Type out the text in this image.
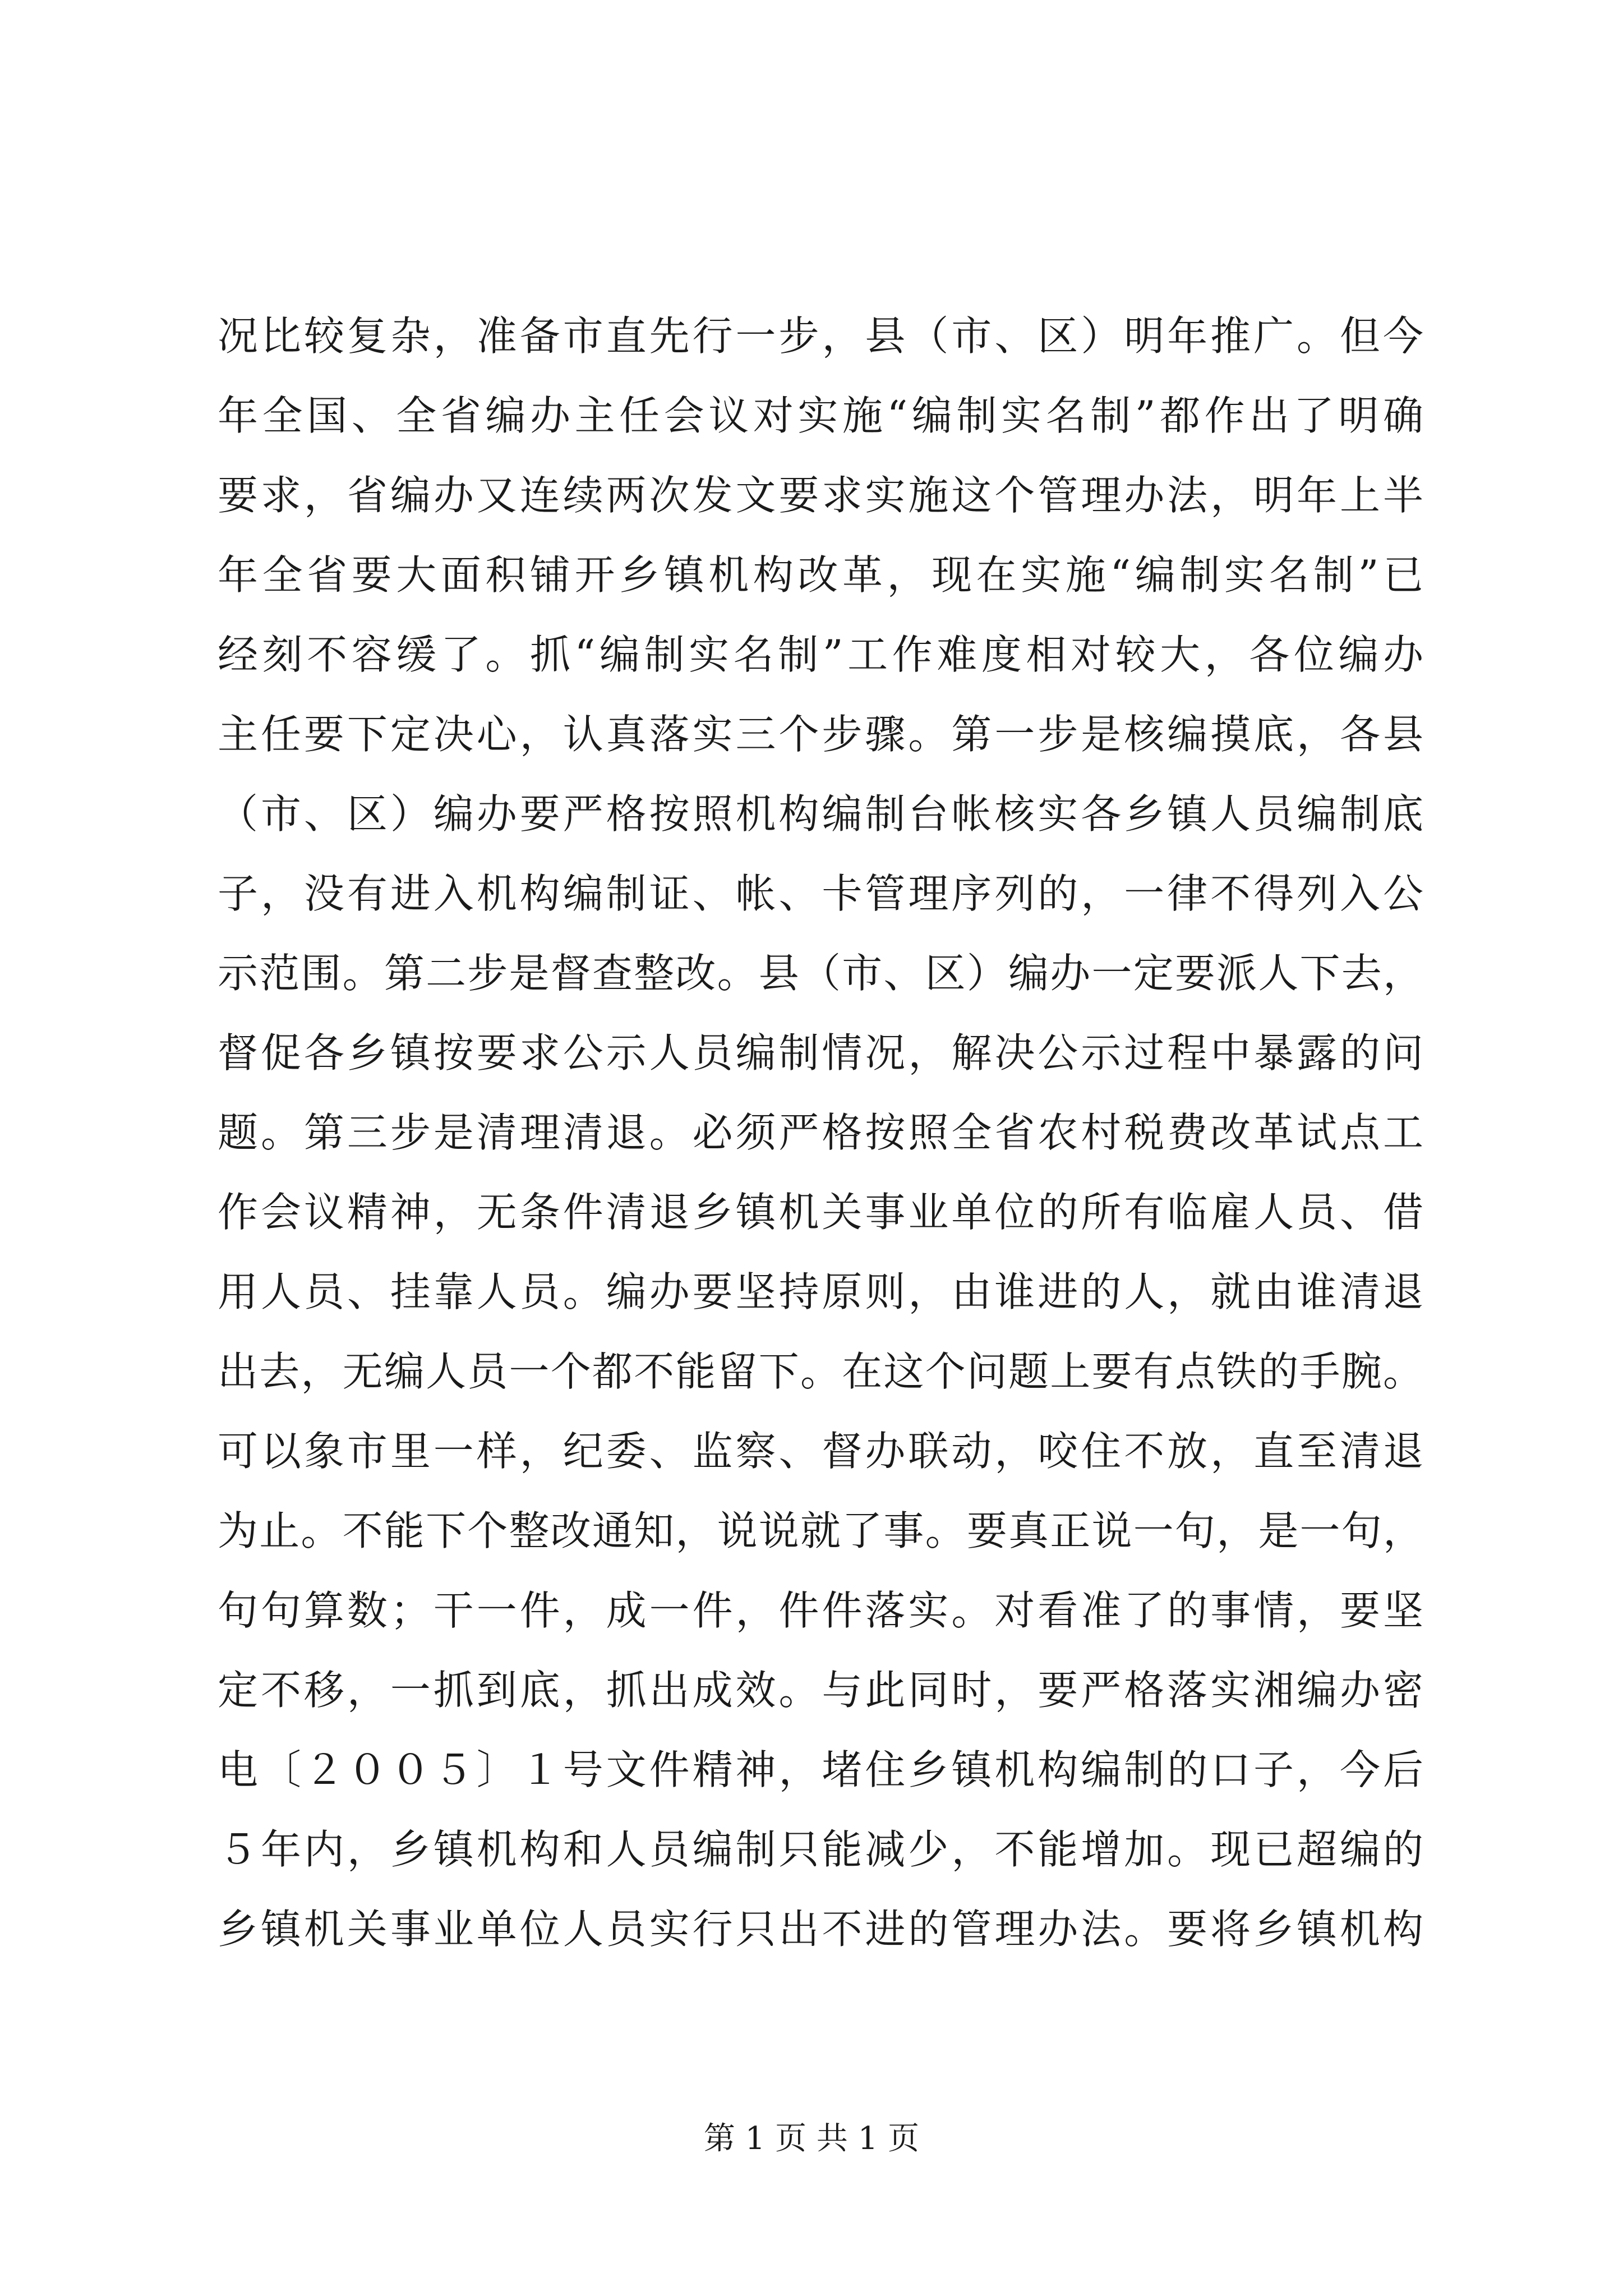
况比较复杂，准备市直先行一步，县（市、区）明年推广。但今
年全国、全省编办主任会议对实施“编制实名制”都作出了明确
要求，省编办又连续两次发文要求实施这个管理办法，明年上半
年全省要大面积铺开乡镇机构改革，现在实施“编制实名制”已
经刻不容缓了。抓“编制实名制”工作难度相对较大，各位编办
主任要下定决心，认真落实三个步骤。第一步是核编摸底，各县
（市、区）编办要严格按照机构编制台帐核实各乡镇人员编制底
子，没有进入机构编制证、帐、卡管理序列的，一律不得列入公
示范围。第二步是督查整改。县（市、区）编办一定要派人下去，
督促各乡镇按要求公示人员编制情况，解决公示过程中暴露的问
题。第三步是清理清退。必须严格按照全省农村税费改革试点工
作会议精神，无条件清退乡镇机关事业单位的所有临雇人员、借
用人员、挂靠人员。编办要坚持原则，由谁进的人，就由谁清退
出去，无编人员一个都不能留下。在这个问题上要有点铁的手腕。
可以象市里一样，纪委、监察、督办联动，咬住不放，直至清退
为止。不能下个整改通知，说说就了事。要真正说一句，是一句，
句句算数；干一件，成一件，件件落实。对看准了的事情，要坚
定不移，一抓到底，抓出成效。与此同时，要严格落实湘编办密
电〔２００５〕１号文件精神，堵住乡镇机构编制的口子，今后
５年内，乡镇机构和人员编制只能减少，不能增加。现已超编的
乡镇机关事业单位人员实行只出不进的管理办法。要将乡镇机构
第 1 页 共 1 页
